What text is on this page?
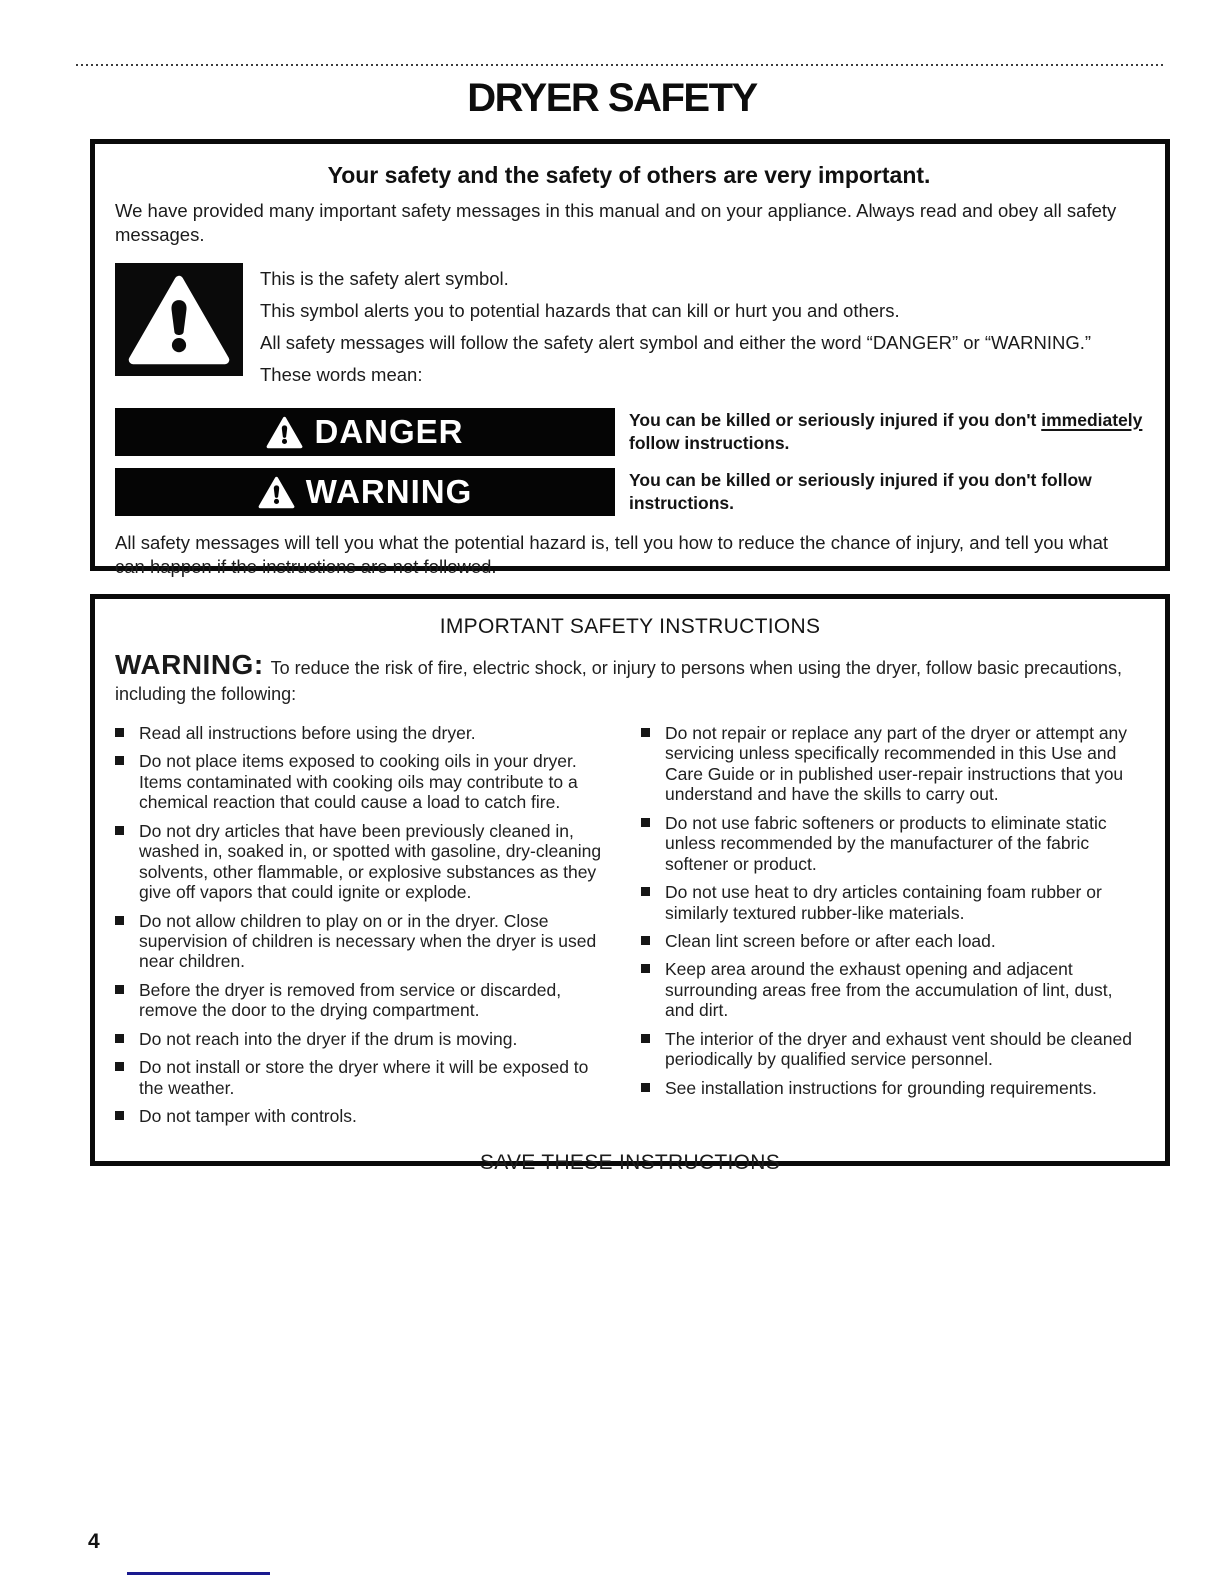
DRYER SAFETY
Your safety and the safety of others are very important.

We have provided many important safety messages in this manual and on your appliance. Always read and obey all safety messages.

This is the safety alert symbol.

This symbol alerts you to potential hazards that can kill or hurt you and others.

All safety messages will follow the safety alert symbol and either the word “DANGER” or “WARNING.”

These words mean:

DANGER	You can be killed or seriously injured if you don't immediately follow instructions.

WARNING	You can be killed or seriously injured if you don't follow instructions.

All safety messages will tell you what the potential hazard is, tell you how to reduce the chance of injury, and tell you what can happen if the instructions are not followed.

IMPORTANT SAFETY INSTRUCTIONS

WARNING: To reduce the risk of fire, electric shock, or injury to persons when using the dryer, follow basic precautions, including the following:

Read all instructions before using the dryer.
Do not place items exposed to cooking oils in your dryer. Items contaminated with cooking oils may contribute to a chemical reaction that could cause a load to catch fire.
Do not dry articles that have been previously cleaned in, washed in, soaked in, or spotted with gasoline, dry-cleaning solvents, other flammable, or explosive substances as they give off vapors that could ignite or explode.
Do not allow children to play on or in the dryer. Close supervision of children is necessary when the dryer is used near children.
Before the dryer is removed from service or discarded, remove the door to the drying compartment.
Do not reach into the dryer if the drum is moving.
Do not install or store the dryer where it will be exposed to the weather.
Do not tamper with controls.
Do not repair or replace any part of the dryer or attempt any servicing unless specifically recommended in this Use and Care Guide or in published user-repair instructions that you understand and have the skills to carry out.
Do not use fabric softeners or products to eliminate static unless recommended by the manufacturer of the fabric softener or product.
Do not use heat to dry articles containing foam rubber or similarly textured rubber-like materials.
Clean lint screen before or after each load.
Keep area around the exhaust opening and adjacent surrounding areas free from the accumulation of lint, dust, and dirt.
The interior of the dryer and exhaust vent should be cleaned periodically by qualified service personnel.
See installation instructions for grounding requirements.

SAVE THESE INSTRUCTIONS

4
